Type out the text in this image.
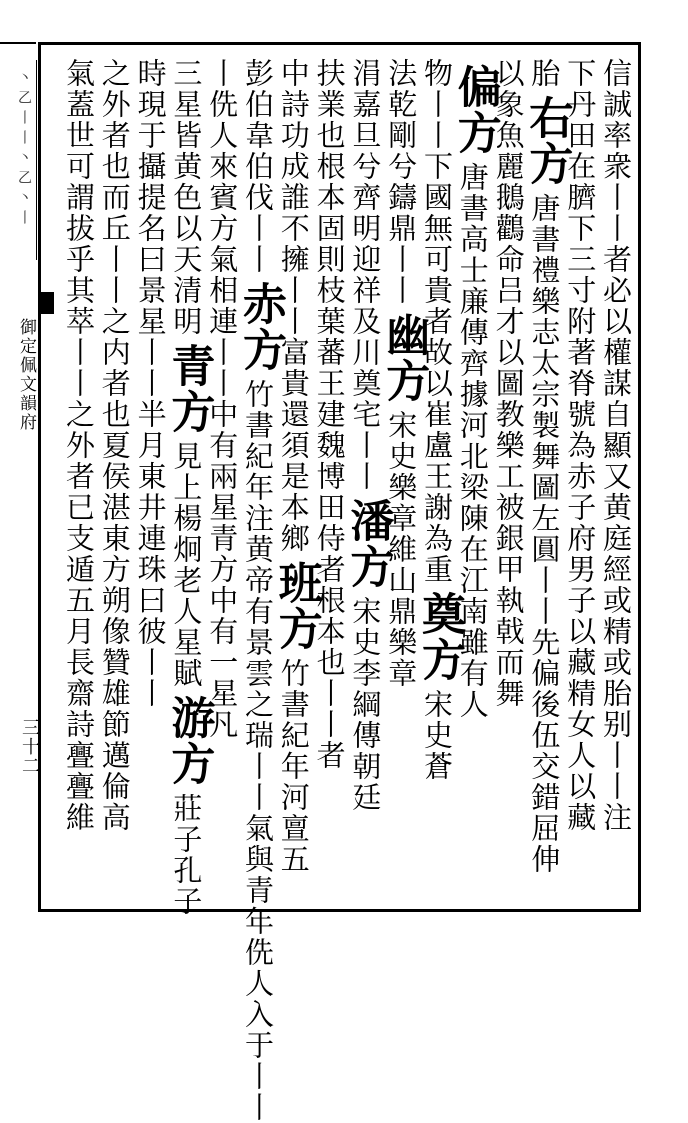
丶乙丨丨丶乙丶丨
御定佩文韻府
三十二	信誠率衆丨丨者必以權謀自顯又黄庭經或精或胎别丨丨注
下丹田在臍下三寸附著脊號為赤子府男子以藏精女人以藏
胎
右方
唐書禮樂志太宗製舞圖左圓丨丨先偏後伍交錯屈伸
以象魚麗鵝鸛命吕才以圖教樂工被銀甲執戟而舞
偏方
唐書高士廉傳齊據河北梁陳在江南雖有人
物丨丨下國無可貴者故以崔盧王謝為重
奠方
宋史蒼
法乾剛兮鑄鼎丨丨
幽方
宋史樂章維山
鼎樂章
涓嘉旦兮齊明迎祥
及川奠宅丨丨
潘方
宋史李綱傳朝廷
扶業也根本固則枝葉蕃王建魏博田侍
者根本也丨丨者
中詩功成誰不擁丨丨富貴還須是本鄉
班方
竹書紀年河亶五
彭伯韋伯伐丨丨
赤方
竹書紀年注黄帝有景雲之瑞丨丨氣與青
年侁人入于丨丨
丨侁人來賓
方氣相連丨丨中有兩星青方中有一星凡
三星皆黄色以天清明
青方
見上楊炯老人星賦
游方
莊子孔子
時現于攝提名曰景星
丨丨半月東井連珠
曰彼丨丨
之外者也而丘丨丨之内者也夏侯湛東方朔像贊雄節邁倫高
氣蓋世可謂拔乎其萃丨丨之外者已支遁五月長齋詩亹亹維
